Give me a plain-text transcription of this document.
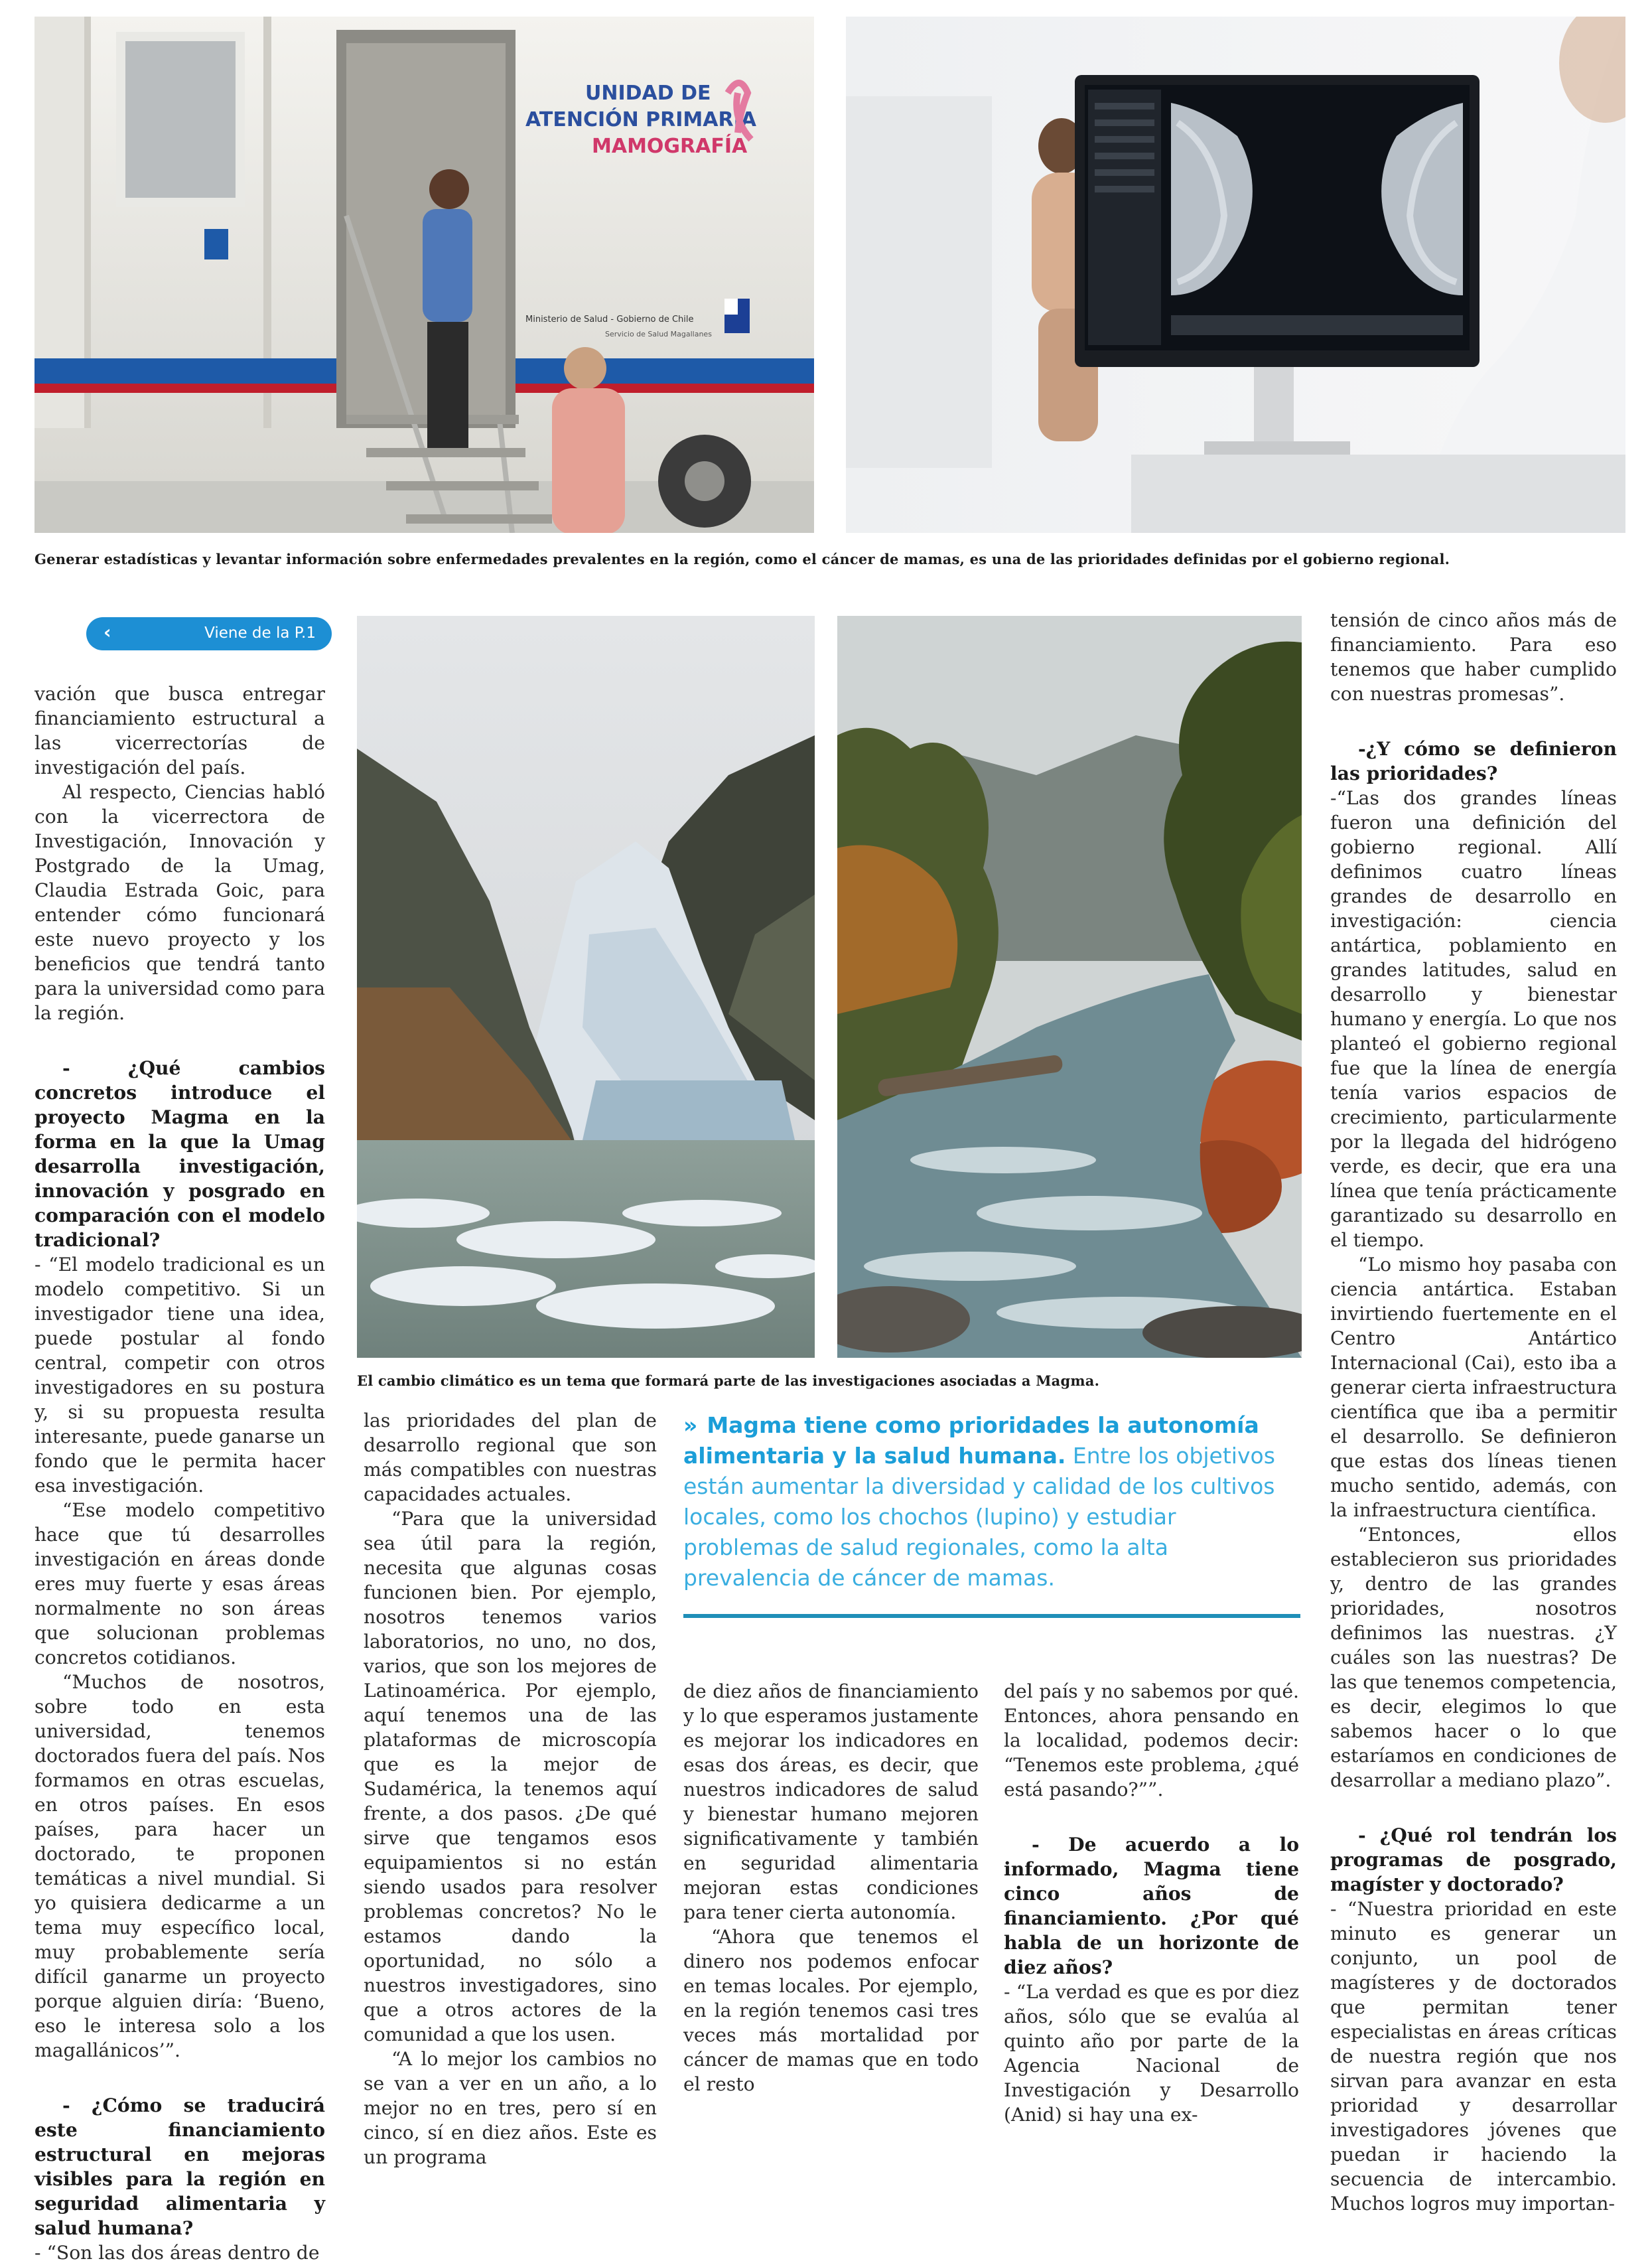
UNIDAD DE
ATENCIÓN PRIMARIA
MAMOGRAFÍA
Ministerio de Salud - Gobierno de Chile
Servicio de Salud Magallanes
Generar estadísticas y levantar información sobre enfermedades prevalentes en la región, como el cáncer de mamas, es una de las prioridades definidas por el gobierno regional.
‹	Viene de la P.1
El cambio climático es un tema que formará parte de las investigaciones asociadas a Magma.
» Magma tiene como prioridades la autonomía alimentaria y la salud humana. Entre los objetivos están aumentar la diversidad y calidad de los cultivos locales, como los chochos (lupino) y estudiar problemas de salud regionales, como la alta prevalencia de cáncer de mamas.

vación que busca entregar financiamiento estructural a las vicerrectorías de investigación del país.

Al respecto, Ciencias habló con la vicerrectora de Investigación, Innovación y Postgrado de la Umag, Claudia Estrada Goic, para entender cómo funcionará este nuevo proyecto y los beneficios que tendrá tanto para la universidad como para la región.

- ¿Qué cambios concretos introduce el proyecto Magma en la forma en la que la Umag desarrolla investigación, innovación y posgrado en comparación con el modelo tradicional?

- “El modelo tradicional es un modelo competitivo. Si un investigador tiene una idea, puede postular al fondo central, competir con otros investigadores en su postura y, si su propuesta resulta interesante, puede ganarse un fondo que le permita hacer esa investigación.

“Ese modelo competitivo hace que tú desarrolles investigación en áreas donde eres muy fuerte y esas áreas normalmente no son áreas que solucionan problemas concretos cotidianos.

“Muchos de nosotros, sobre todo en esta universidad, tenemos doctorados fuera del país. Nos formamos en otras escuelas, en otros países. En esos países, para hacer un doctorado, te proponen temáticas a nivel mundial. Si yo quisiera dedicarme a un tema muy específico local, muy probablemente sería difícil ganarme un proyecto porque alguien diría: ‘Bueno, eso le interesa solo a los magallánicos’”.

- ¿Cómo se traducirá este financiamiento estructural en mejoras visibles para la región en seguridad alimentaria y salud humana?

- “Son las dos áreas dentro de

las prioridades del plan de desarrollo regional que son más compatibles con nuestras capacidades actuales.

“Para que la universidad sea útil para la región, necesita que algunas cosas funcionen bien. Por ejemplo, nosotros tenemos varios laboratorios, no uno, no dos, varios, que son los mejores de Latinoamérica. Por ejemplo, aquí tenemos una de las plataformas de microscopía que es la mejor de Sudamérica, la tenemos aquí frente, a dos pasos. ¿De qué sirve que tengamos esos equipamientos si no están siendo usados para resolver problemas concretos? No le estamos dando la oportunidad, no sólo a nuestros investigadores, sino que a otros actores de la comunidad a que los usen.

“A lo mejor los cambios no se van a ver en un año, a lo mejor no en tres, pero sí en cinco, sí en diez años. Este es un programa

de diez años de financiamiento y lo que esperamos justamente es mejorar los indicadores en esas dos áreas, es decir, que nuestros indicadores de salud y bienestar humano mejoren significativamente y también en seguridad alimentaria mejoran estas condiciones para tener cierta autonomía.

“Ahora que tenemos el dinero nos podemos enfocar en temas locales. Por ejemplo, en la región tenemos casi tres veces más mortalidad por cáncer de mamas que en todo el resto

del país y no sabemos por qué. Entonces, ahora pensando en la localidad, podemos decir: “Tenemos este problema, ¿qué está pasando?””.

- De acuerdo a lo informado, Magma tiene cinco años de financiamiento. ¿Por qué habla de un horizonte de diez años?

- “La verdad es que es por diez años, sólo que se evalúa al quinto año por parte de la Agencia Nacional de Investigación y Desarrollo (Anid) si hay una ex-

tensión de cinco años más de financiamiento. Para eso tenemos que haber cumplido con nuestras promesas”.

-¿Y cómo se definieron las prioridades?

-“Las dos grandes líneas fueron una definición del gobierno regional. Allí definimos cuatro líneas grandes de desarrollo en investigación: ciencia antártica, poblamiento en grandes latitudes, salud en desarrollo y bienestar humano y energía. Lo que nos planteó el gobierno regional fue que la línea de energía tenía varios espacios de crecimiento, particularmente por la llegada del hidrógeno verde, es decir, que era una línea que tenía prácticamente garantizado su desarrollo en el tiempo.

“Lo mismo hoy pasaba con ciencia antártica. Estaban invirtiendo fuertemente en el Centro Antártico Internacional (Cai), esto iba a generar cierta infraestructura científica que iba a permitir el desarrollo. Se definieron que estas dos líneas tienen mucho sentido, además, con la infraestructura científica.

“Entonces, ellos establecieron sus prioridades y, dentro de las grandes prioridades, nosotros definimos las nuestras. ¿Y cuáles son las nuestras? De las que tenemos competencia, es decir, elegimos lo que sabemos hacer o lo que estaríamos en condiciones de desarrollar a mediano plazo”.

- ¿Qué rol tendrán los programas de posgrado, magíster y doctorado?

- “Nuestra prioridad en este minuto es generar un conjunto, un pool de magísteres y de doctorados que permitan tener especialistas en áreas críticas de nuestra región que nos sirvan para avanzar en esta prioridad y desarrollar investigadores jóvenes que puedan ir haciendo la secuencia de intercambio. Muchos logros muy importan-
